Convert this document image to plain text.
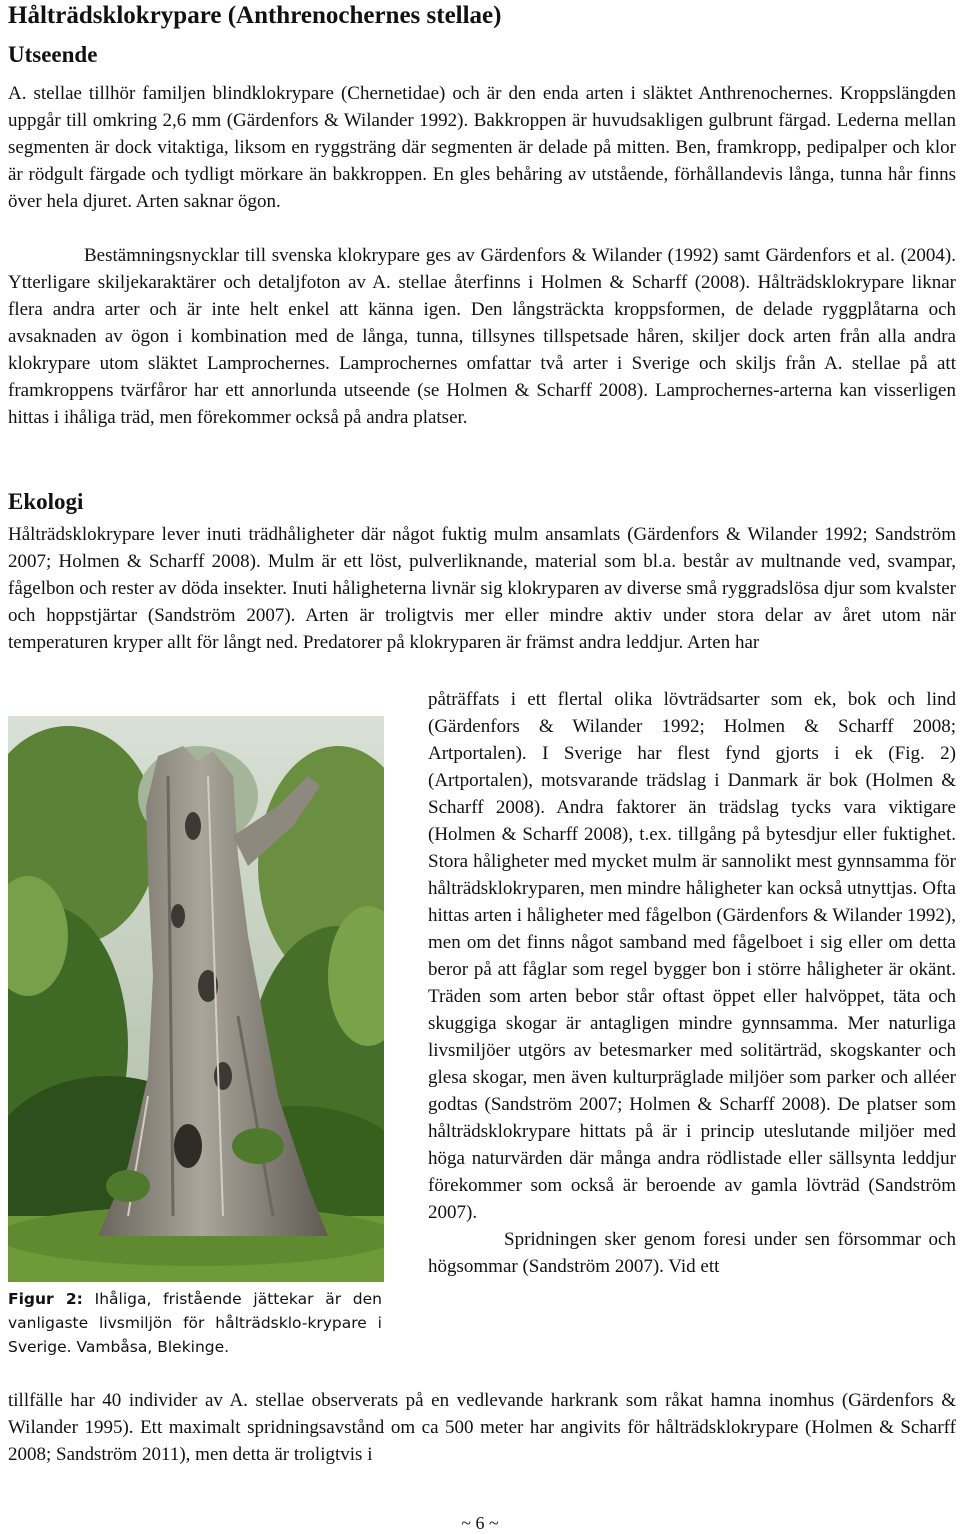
Hålträdsklokrypare (Anthrenochernes stellae)
Utseende

A. stellae tillhör familjen blindklokrypare (Chernetidae) och är den enda arten i släktet Anthrenochernes. Kroppslängden uppgår till omkring 2,6 mm (Gärdenfors & Wilander 1992). Bakkroppen är huvudsakligen gulbrunt färgad. Lederna mellan segmenten är dock vitaktiga, liksom en ryggsträng där segmenten är delade på mitten. Ben, framkropp, pedipalper och klor är rödgult färgade och tydligt mörkare än bakkroppen. En gles behåring av utstående, förhållandevis långa, tunna hår finns över hela djuret. Arten saknar ögon.

Bestämningsnycklar till svenska klokrypare ges av Gärdenfors & Wilander (1992) samt Gärdenfors et al. (2004). Ytterligare skiljekaraktärer och detaljfoton av A. stellae återfinns i Holmen & Scharff (2008). Hålträdsklokrypare liknar flera andra arter och är inte helt enkel att känna igen. Den långsträckta kroppsformen, de delade ryggplåtarna och avsaknaden av ögon i kombination med de långa, tunna, tillsynes tillspetsade håren, skiljer dock arten från alla andra klokrypare utom släktet Lamprochernes. Lamprochernes omfattar två arter i Sverige och skiljs från A. stellae på att framkroppens tvärfåror har ett annorlunda utseende (se Holmen & Scharff 2008). Lamprochernes-arterna kan visserligen hittas i ihåliga träd, men förekommer också på andra platser.

Ekologi

Hålträdsklokrypare lever inuti trädhåligheter där något fuktig mulm ansamlats (Gärdenfors & Wilander 1992; Sandström 2007; Holmen & Scharff 2008). Mulm är ett löst, pulverliknande, material som bl.a. består av multnande ved, svampar, fågelbon och rester av döda insekter. Inuti håligheterna livnär sig klokryparen av diverse små ryggradslösa djur som kvalster och hoppstjärtar (Sandström 2007). Arten är troligtvis mer eller mindre aktiv under stora delar av året utom när temperaturen kryper allt för långt ned. Predatorer på klokryparen är främst andra leddjur. Arten har

påträffats i ett flertal olika lövträdsarter som ek, bok och lind (Gärdenfors & Wilander 1992; Holmen & Scharff 2008; Artportalen). I Sverige har flest fynd gjorts i ek (Fig. 2) (Artportalen), motsvarande trädslag i Danmark är bok (Holmen & Scharff 2008). Andra faktorer än trädslag tycks vara viktigare (Holmen & Scharff 2008), t.ex. tillgång på bytesdjur eller fuktighet. Stora håligheter med mycket mulm är sannolikt mest gynnsamma för hålträdsklokryparen, men mindre håligheter kan också utnyttjas. Ofta hittas arten i håligheter med fågelbon (Gärdenfors & Wilander 1992), men om det finns något samband med fågelboet i sig eller om detta beror på att fåglar som regel bygger bon i större håligheter är okänt. Träden som arten bebor står oftast öppet eller halvöppet, täta och skuggiga skogar är antagligen mindre gynnsamma. Mer naturliga livsmiljöer utgörs av betesmarker med solitärträd, skogskanter och glesa skogar, men även kulturpräglade miljöer som parker och alléer godtas (Sandström 2007; Holmen & Scharff 2008). De platser som hålträdsklokrypare hittats på är i princip uteslutande miljöer med höga naturvärden där många andra rödlistade eller sällsynta leddjur förekommer som också är beroende av gamla lövträd (Sandström 2007).
Spridningen sker genom foresi under sen försommar och högsommar (Sandström 2007). Vid ett

Figur 2: Ihåliga, fristående jättekar är den vanligaste livsmiljön för hålträdsklo-krypare i Sverige. Vambåsa, Blekinge.

tillfälle har 40 individer av A. stellae observerats på en vedlevande harkrank som råkat hamna inomhus (Gärdenfors & Wilander 1995). Ett maximalt spridningsavstånd om ca 500 meter har angivits för hålträdsklokrypare (Holmen & Scharff 2008; Sandström 2011), men detta är troligtvis i

~ 6 ~
